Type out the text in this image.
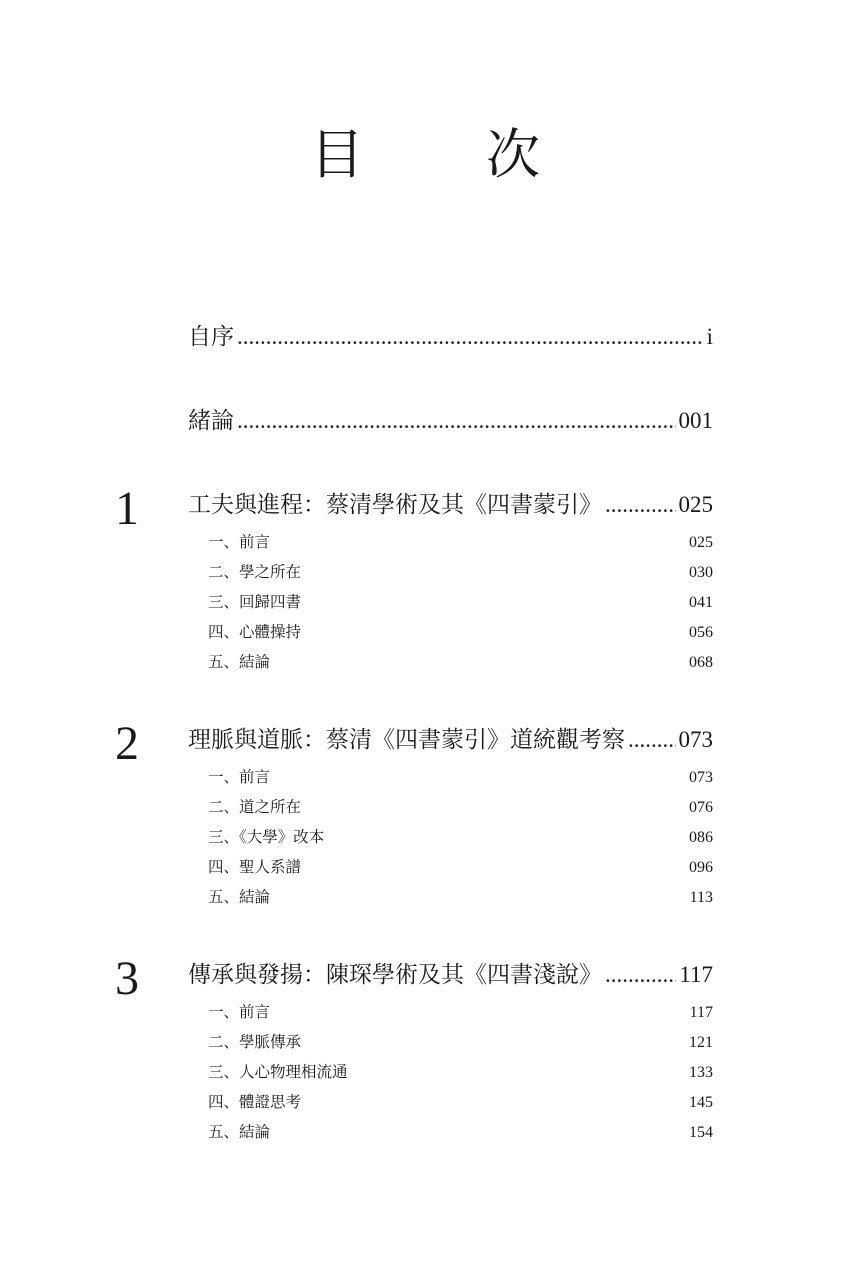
目　次
自序 .....	i
緒論 .....	001
1 工夫與進程：蔡清學術及其《四書蒙引》 .....	025
一、前言	025
二、學之所在	030
三、回歸四書	041
四、心體操持	056
五、結論	068
2 理脈與道脈：蔡清《四書蒙引》道統觀考察 ..... 073
一、前言	073
二、道之所在	076
三、《大學》改本	086
四、聖人系譜	096
五、結論	113
3 傳承與發揚：陳琛學術及其《四書淺說》 .....	117
一、前言	117
二、學脈傳承	121
三、人心物理相流通	133
四、體證思考	145
五、結論	154
